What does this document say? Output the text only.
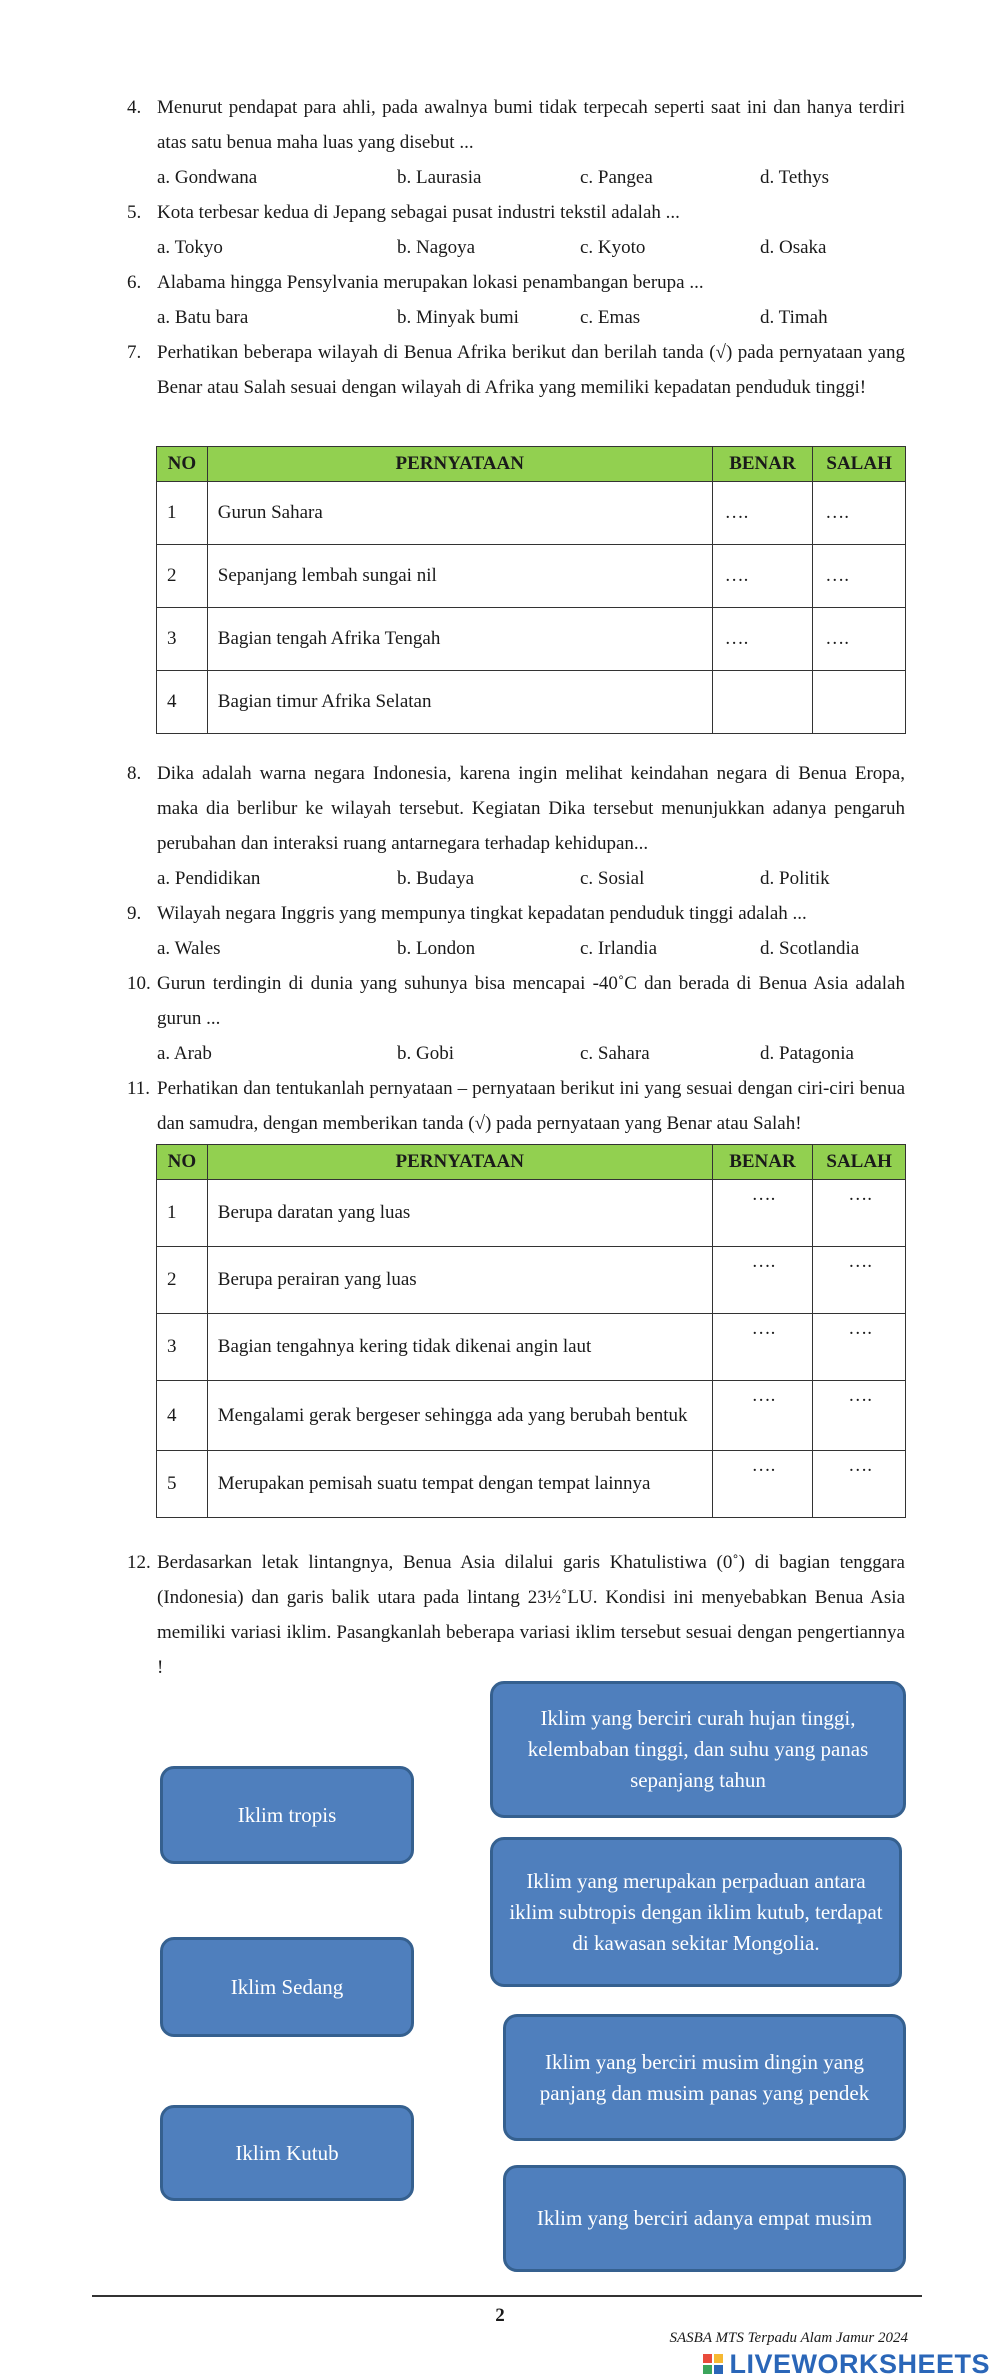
4. Menurut pendapat para ahli, pada awalnya bumi tidak terpecah seperti saat ini dan hanya terdiri atas satu benua maha luas yang disebut ...
a. Gondwana	b. Laurasia	c. Pangea	d. Tethys
5. Kota terbesar kedua di Jepang sebagai pusat industri tekstil adalah ...
a. Tokyo	b. Nagoya	c. Kyoto	d. Osaka
6. Alabama hingga Pensylvania merupakan lokasi penambangan berupa ...
a. Batu bara	b. Minyak bumi	c. Emas	d. Timah
7. Perhatikan beberapa wilayah di Benua Afrika berikut dan berilah tanda (√) pada pernyataan yang Benar atau Salah sesuai dengan wilayah di Afrika yang memiliki kepadatan penduduk tinggi!
NO	PERNYATAAN	BENAR	SALAH
1	Gurun Sahara	….	….
2	Sepanjang lembah sungai nil	….	….
3	Bagian tengah Afrika Tengah	….	….
4	Bagian timur Afrika Selatan		
8. Dika adalah warna negara Indonesia, karena ingin melihat keindahan negara di Benua Eropa, maka dia berlibur ke wilayah tersebut. Kegiatan Dika tersebut menunjukkan adanya pengaruh perubahan dan interaksi ruang antarnegara terhadap kehidupan...
a. Pendidikan	b. Budaya	c. Sosial	d. Politik
9. Wilayah negara Inggris yang mempunya tingkat kepadatan penduduk tinggi adalah ...
a. Wales	b. London	c. Irlandia	d. Scotlandia
10. Gurun terdingin di dunia yang suhunya bisa mencapai -40˚C dan berada di Benua Asia adalah gurun ...
a. Arab	b. Gobi	c. Sahara	d. Patagonia
11. Perhatikan dan tentukanlah pernyataan – pernyataan berikut ini yang sesuai dengan ciri-ciri benua dan samudra, dengan memberikan tanda (√) pada pernyataan yang Benar atau Salah!
NO	PERNYATAAN	BENAR	SALAH
1	Berupa daratan yang luas	….	….
2	Berupa perairan yang luas	….	….
3	Bagian tengahnya kering tidak dikenai angin laut	….	….
4	Mengalami gerak bergeser sehingga ada yang berubah bentuk	….	….
5	Merupakan pemisah suatu tempat dengan tempat lainnya	….	….
12. Berdasarkan letak lintangnya, Benua Asia dilalui garis Khatulistiwa (0˚) di bagian tenggara (Indonesia) dan garis balik utara pada lintang 23½˚LU. Kondisi ini menyebabkan Benua Asia memiliki variasi iklim. Pasangkanlah beberapa variasi iklim tersebut sesuai dengan pengertiannya !
Iklim tropis
Iklim Sedang
Iklim Kutub
Iklim yang berciri curah hujan tinggi, kelembaban tinggi, dan suhu yang panas sepanjang tahun
Iklim yang merupakan perpaduan antara iklim subtropis dengan iklim kutub, terdapat di kawasan sekitar Mongolia.
Iklim yang berciri musim dingin yang panjang dan musim panas yang pendek
Iklim yang berciri adanya empat musim
2
SASBA MTS Terpadu Alam Jamur 2024
LIVEWORKSHEETS
